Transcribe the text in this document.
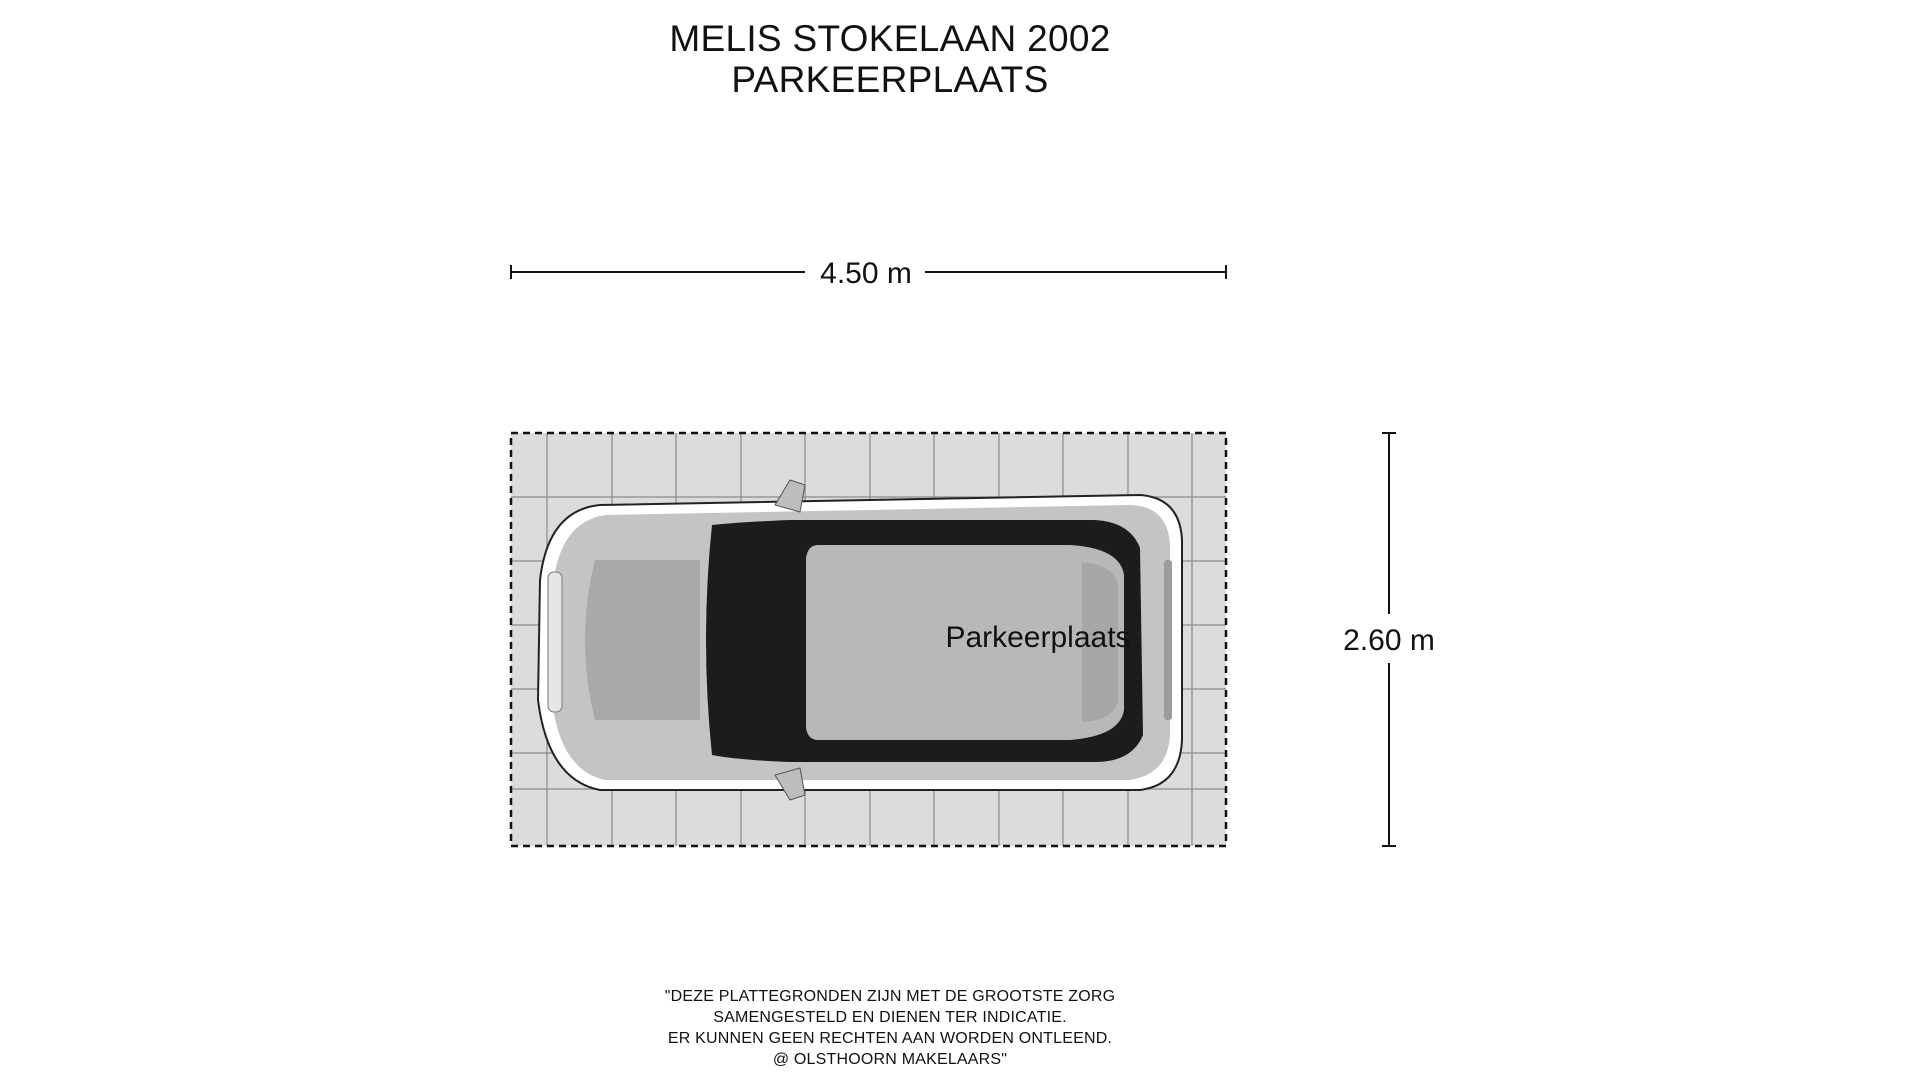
MELIS STOKELAAN 2002
PARKEERPLAATS
4.50 m
2.60 m
Parkeerplaats
"DEZE PLATTEGRONDEN ZIJN MET DE GROOTSTE ZORG
SAMENGESTELD EN DIENEN TER INDICATIE.
ER KUNNEN GEEN RECHTEN AAN WORDEN ONTLEEND.
@ OLSTHOORN MAKELAARS"
